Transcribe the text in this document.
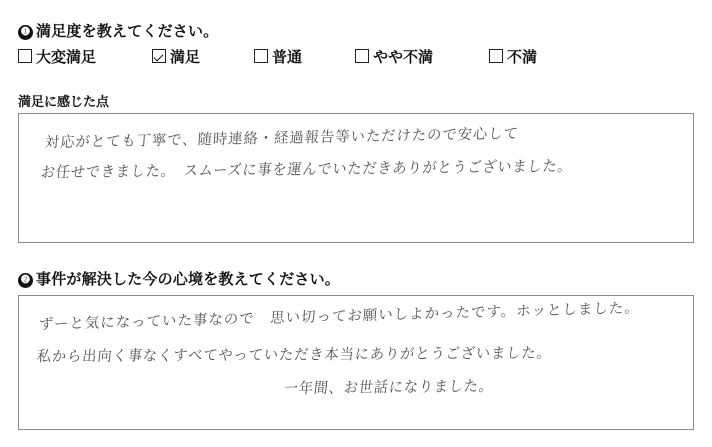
❶ 満足度を教えてください。
大変満足	満足	普通	やや不満	不満
満足に感じた点
対応がとても丁寧で、随時連絡・経過報告等いただけたので安心して
お任せできました。　スムーズに事を運んでいただきありがとうございました。
❷ 事件が解決した今の心境を教えてください。
ずーと気になっていた事なので　思い切ってお願いしよかったです。ホッとしました。
私から出向く事なくすべてやっていただき本当にありがとうございました。
一年間、お世話になりました。
